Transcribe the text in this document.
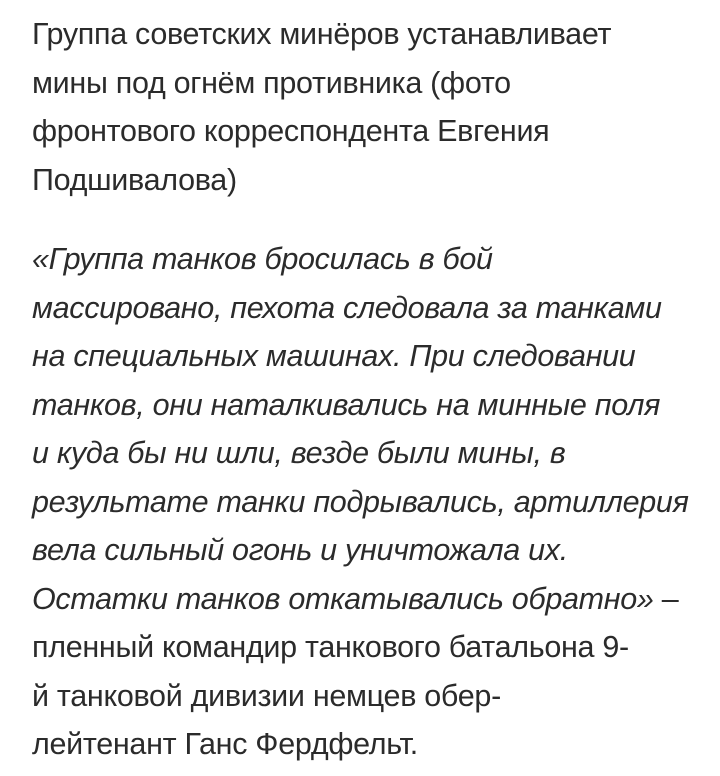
Группа советских минёров устанавливает
мины под огнём противника (фото
фронтового корреспондента Евгения
Подшивалова)

«Группа танков бросилась в бой
массировано, пехота следовала за танками
на специальных машинах. При следовании
танков, они наталкивались на минные поля
и куда бы ни шли, везде были мины, в
результате танки подрывались, артиллерия
вела сильный огонь и уничтожала их.
Остатки танков откатывались обратно» –
пленный командир танкового батальона 9-
й танковой дивизии немцев обер-
лейтенант Ганс Фердфельт.
